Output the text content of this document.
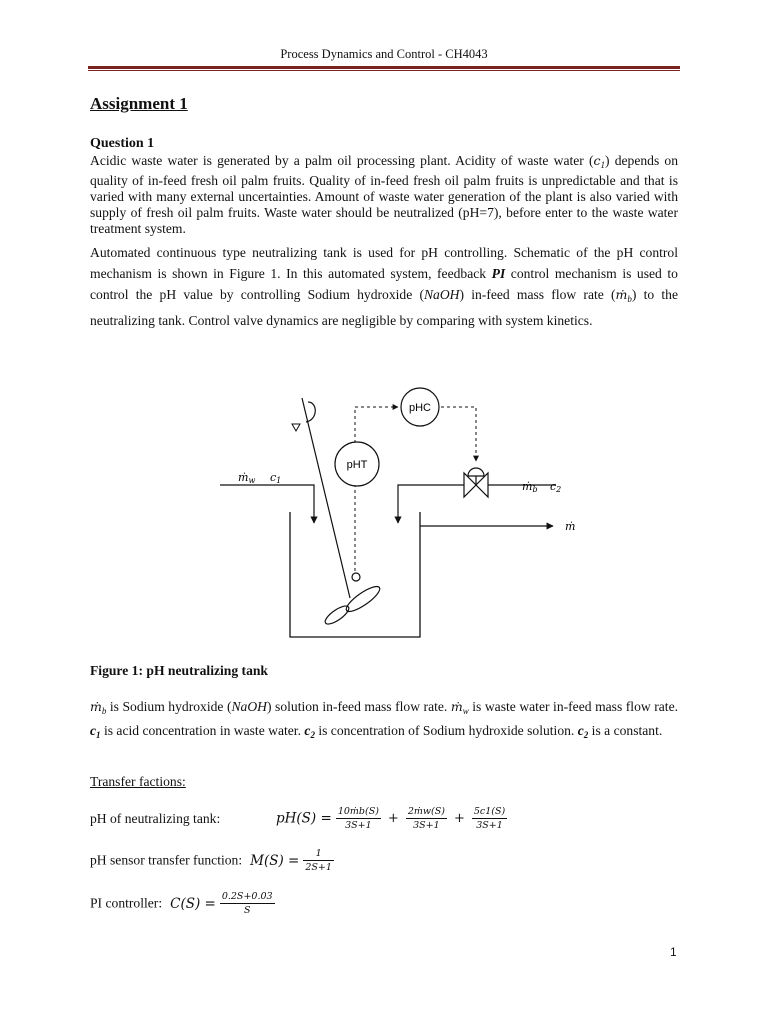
Process Dynamics and Control - CH4043
Assignment 1
Question 1
Acidic waste water is generated by a palm oil processing plant. Acidity of waste water $(c_1)$ depends on quality of in-feed fresh oil palm fruits. Quality of in-feed fresh oil palm fruits is unpredictable and that is varied with many external uncertainties. Amount of waste water generation of the plant is also varied with supply of fresh oil palm fruits. Waste water should be neutralized (pH=7), before enter to the waste water treatment system.
Automated continuous type neutralizing tank is used for pH controlling. Schematic of the pH control mechanism is shown in Figure 1. In this automated system, feedback PI control mechanism is used to control the pH value by controlling Sodium hydroxide (NaOH) in-feed mass flow rate (ṁ$_b$) to the neutralizing tank. Control valve dynamics are negligible by comparing with system kinetics.
pHC
pHT
ṁw c1	ṁb c2
ṁ
Figure 1: pH neutralizing tank
ṁ$_b$ is Sodium hydroxide (NaOH) solution in-feed mass flow rate. ṁ$_w$ is waste water in-feed mass flow rate. $c_1$ is acid concentration in waste water. $c_2$ is concentration of Sodium hydroxide solution. $c_2$ is a constant.
Transfer factions:
pH of neutralizing tank:	$pH(S) = \frac{\text{10ṁb(S)}}{3S+1} + \frac{\text{2ṁw(S)}}{3S+1} + \frac{5c1(S)}{3S+1}$
pH sensor transfer function: $M(S) = \frac{1}{2S+1}$
PI controller: $C(S) = \frac{0.2S+0.03}{S}$
1
